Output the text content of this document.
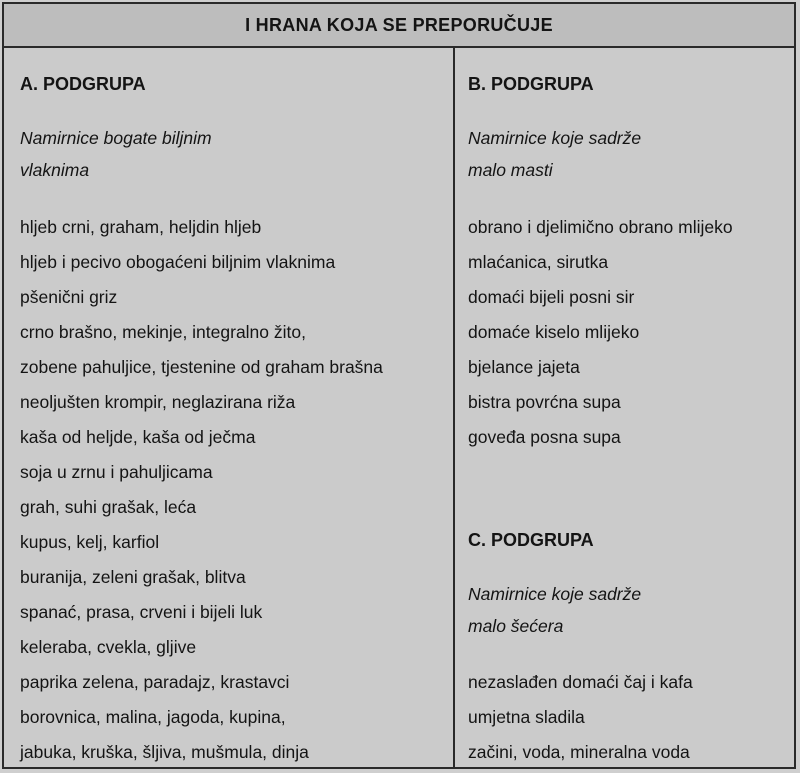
I HRANA KOJA SE PREPORUČUJE
A. PODGRUPA
Namirnice bogate biljnim
vlaknima
hljeb crni, graham, heljdin hljeb
hljeb i pecivo obogaćeni biljnim vlaknima
pšenični griz
crno brašno, mekinje, integralno žito,
zobene pahuljice, tjestenine od graham brašna
neoljušten krompir, neglazirana riža
kaša od heljde, kaša od ječma
soja u zrnu i pahuljicama
grah, suhi grašak, leća
kupus, kelj, karfiol
buranija, zeleni grašak, blitva
spanać, prasa, crveni i bijeli luk
keleraba, cvekla, gljive
paprika zelena, paradajz, krastavci
borovnica, malina, jagoda, kupina,
jabuka, kruška, šljiva, mušmula, dinja
B. PODGRUPA
Namirnice koje sadrže
malo masti
obrano i djelimično obrano mlijeko
mlaćanica, sirutka
domaći bijeli posni sir
domaće kiselo mlijeko
bjelance jajeta
bistra povrćna supa
goveđa posna supa
C. PODGRUPA
Namirnice koje sadrže
malo šećera
nezaslađen domaći čaj i kafa
umjetna sladila
začini, voda, mineralna voda
